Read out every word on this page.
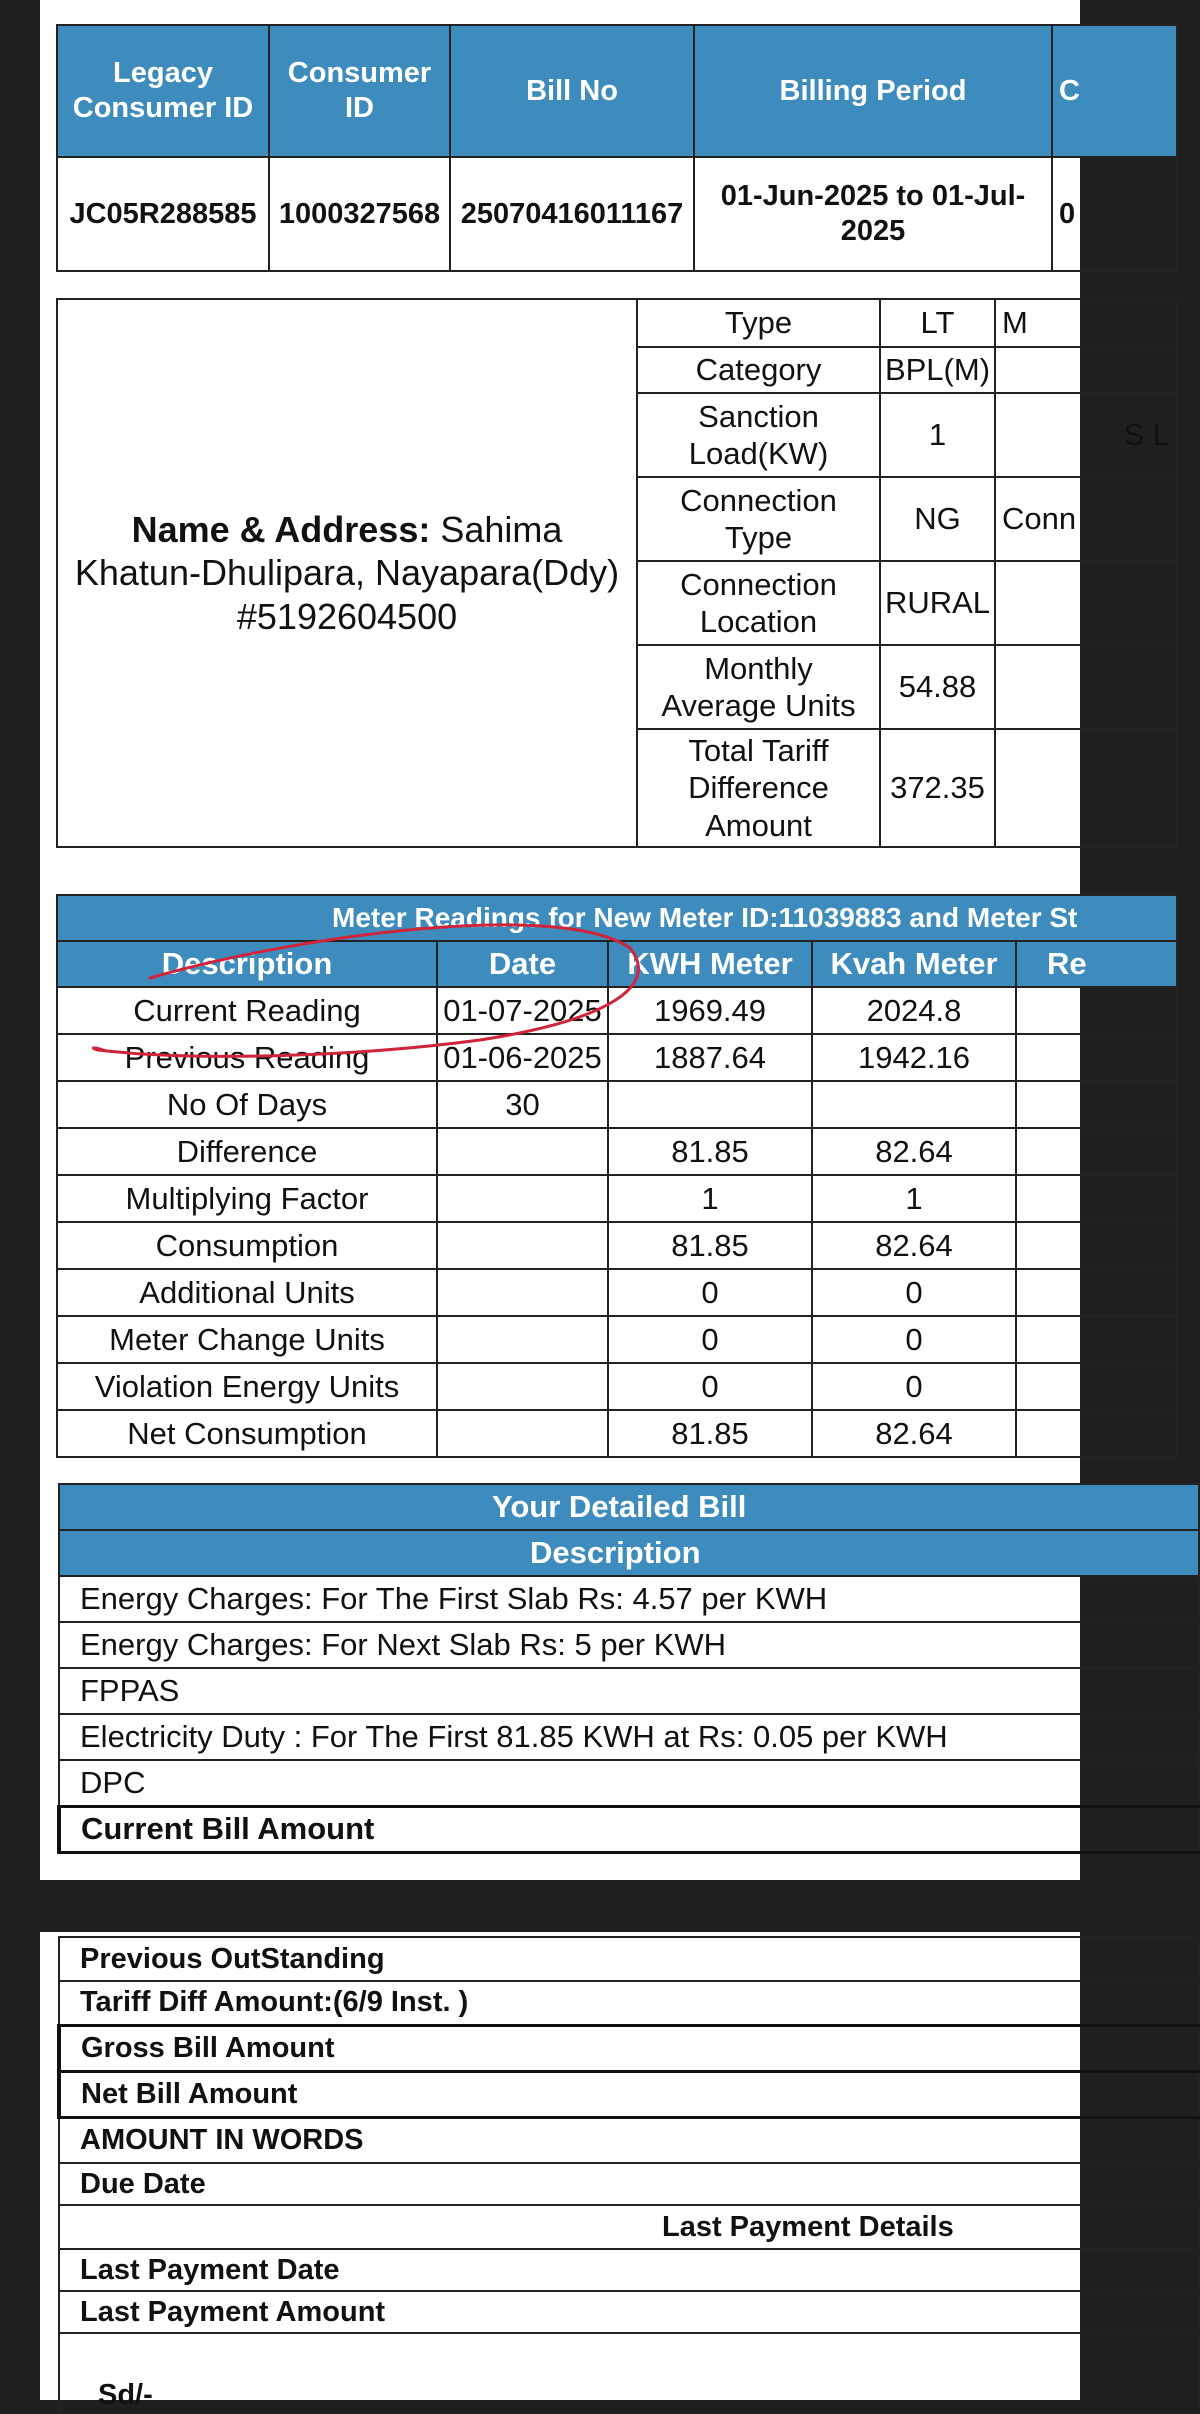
Legacy Consumer ID	Consumer ID	Bill No	Billing Period	C
JC05R288585	1000327568	25070416011167	01-Jun-2025 to 01-Jul-2025	0
Name & Address: Sahima Khatun-Dhulipara, Nayapara(Ddy) #5192604500	Type	LT	M
	Category	BPL(M)	
	Sanction Load(KW)	1	S L
	Connection Type	NG	Conn
	Connection Location	RURAL	
	Monthly Average Units	54.88	
	Total Tariff Difference Amount	372.35	
Meter Readings for New Meter ID:11039883 and Meter St				
Description	Date	KWH Meter	Kvah Meter	Re
Current Reading	01-07-2025	1969.49	2024.8	
Previous Reading	01-06-2025	1887.64	1942.16	
No Of Days	30			
Difference		81.85	82.64	
Multiplying Factor		1	1	
Consumption		81.85	82.64	
Additional Units		0	0	
Meter Change Units		0	0	
Violation Energy Units		0	0	
Net Consumption		81.85	82.64	
Your Detailed Bill
Description
Energy Charges: For The First Slab Rs: 4.57 per KWH
Energy Charges: For Next Slab Rs: 5 per KWH
FPPAS
Electricity Duty : For The First 81.85 KWH at Rs: 0.05 per KWH
DPC
Current Bill Amount
Previous OutStanding
Tariff Diff Amount:(6/9 Inst. )
Gross Bill Amount
Net Bill Amount
AMOUNT IN WORDS
Due Date
Last Payment Details
Last Payment Date
Last Payment Amount
Sd/-
